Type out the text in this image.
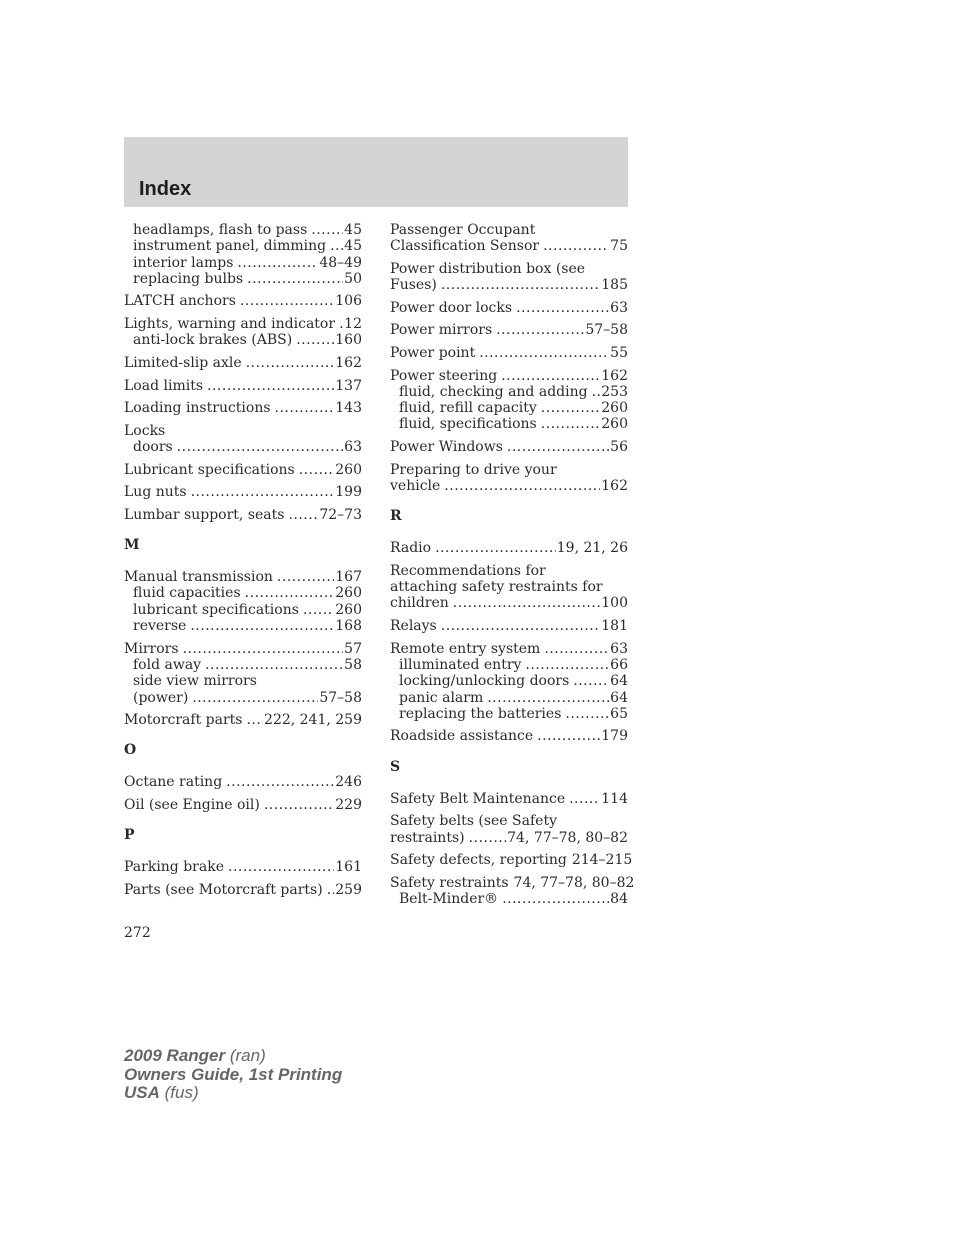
Index
headlamps, flash to pass .....	45
instrument panel, dimming ..... 45
interior lamps .....	48–49
replacing bulbs .....	50
LATCH anchors .....	106
Lights, warning and indicator ..... 12
anti-lock brakes (ABS) .....	160
Limited-slip axle .....	162
Load limits .....	137
Loading instructions .....	143
Locks
doors .....	63
Lubricant specifications .....	260
Lug nuts .....	199
Lumbar support, seats ..... 72–73
M
Manual transmission .....	167
fluid capacities .....	260
lubricant specifications .....	260
reverse .....	168
Mirrors .....	57
fold away .....	58
side view mirrors
(power) .....	57–58
Motorcraft parts ..... 222, 241, 259
O
Octane rating .....	246
Oil (see Engine oil) .....	229
P
Parking brake .....	161
Parts (see Motorcraft parts) ..... 259
Passenger Occupant
Classification Sensor .....	75
Power distribution box (see
Fuses) .....	185
Power door locks .....	63
Power mirrors .....	57–58
Power point .....	55
Power steering .....	162
fluid, checking and adding ..... 253
fluid, refill capacity .....	260
fluid, specifications .....	260
Power Windows .....	56
Preparing to drive your
vehicle .....	162
R
Radio .....	19, 21, 26
Recommendations for
attaching safety restraints for
children .....	100
Relays .....	181
Remote entry system .....	63
illuminated entry .....	66
locking/unlocking doors .....	64
panic alarm .....	64
replacing the batteries .....	65
Roadside assistance .....	179
S
Safety Belt Maintenance .....	114
Safety belts (see Safety
restraints) .....	74, 77–78, 80–82
Safety defects, reporting 214–215
Safety restraints 74, 77–78, 80–82
Belt-Minder® .....	84
272
2009 Ranger (ran)
Owners Guide, 1st Printing
USA (fus)
